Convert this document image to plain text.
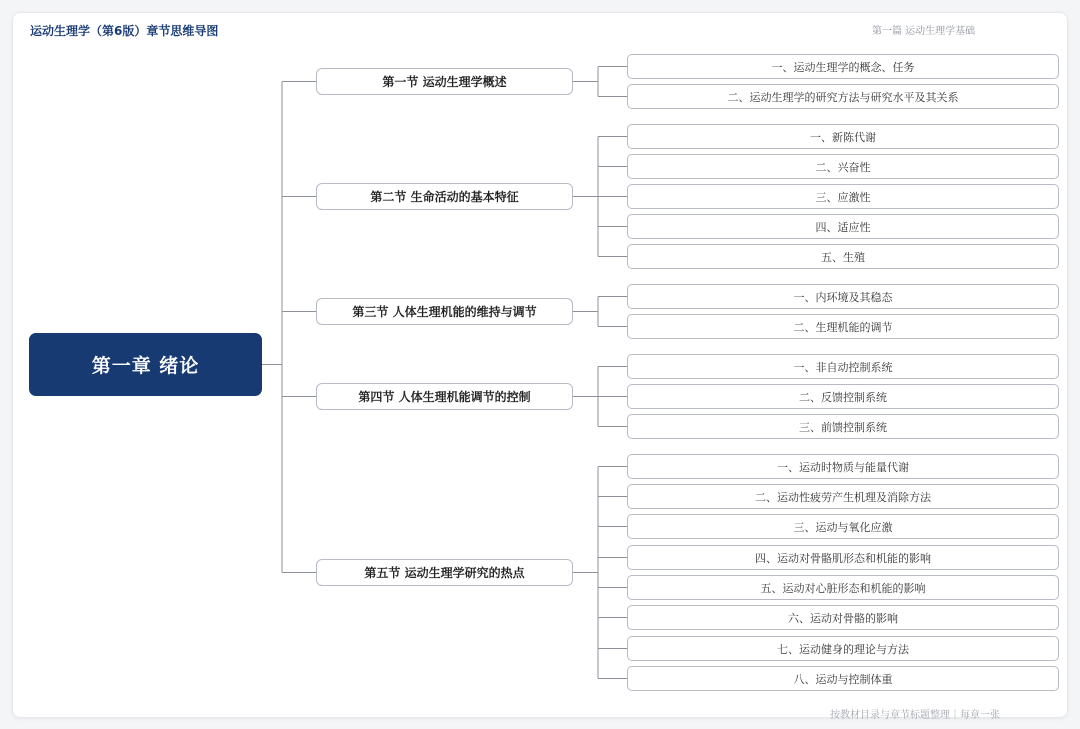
运动生理学（第6版）章节思维导图	第一篇 运动生理学基础
第一章 绪论
第一节 运动生理学概述
第二节 生命活动的基本特征
第三节 人体生理机能的维持与调节
第四节 人体生理机能调节的控制
第五节 运动生理学研究的热点
一、运动生理学的概念、任务
二、运动生理学的研究方法与研究水平及其关系
一、新陈代谢
二、兴奋性
三、应激性
四、适应性
五、生殖
一、内环境及其稳态
二、生理机能的调节
一、非自动控制系统
二、反馈控制系统
三、前馈控制系统
一、运动时物质与能量代谢
二、运动性疲劳产生机理及消除方法
三、运动与氧化应激
四、运动对骨骼肌形态和机能的影响
五、运动对心脏形态和机能的影响
六、运动对骨骼的影响
七、运动健身的理论与方法
八、运动与控制体重
按教材目录与章节标题整理｜每章一张
